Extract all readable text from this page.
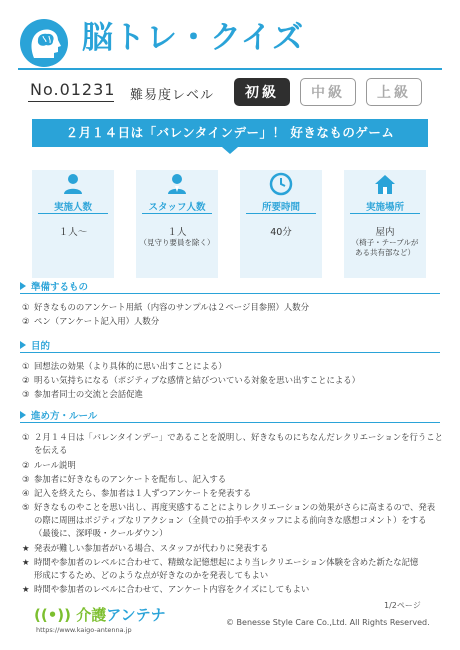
脳トレ・クイズ
No.01231 難易度レベル	初級	中級	上級
２月１４日は「バレンタインデー」！ 好きなものゲーム
実施人数
１人～
スタッフ人数
１人
（見守り要員を除く）
所要時間
40分
実施場所
屋内
（椅子・テーブルが
ある共有部など）
準備するもの
① 好きなもののアンケート用紙（内容のサンプルは２ページ目参照）人数分
② ペン（アンケート記入用）人数分
目的
① 回想法の効果（より具体的に思い出すことによる）
② 明るい気持ちになる（ポジティブな感情と結びついている対象を思い出すことによる）
③ 参加者同士の交流と会話促進
進め方・ルール
① ２月１４日は「バレンタインデー」であることを説明し、好きなものにちなんだレクリエーションを行うこと
を伝える
② ルール説明
③ 参加者に好きなものアンケートを配布し、記入する
④ 記入を終えたら、参加者は１人ずつアンケートを発表する
⑤ 好きなものやことを思い出し、再度実感することによりレクリエーションの効果がさらに高まるので、発表
の際に周囲はポジティブなリアクション（全員での拍手やスタッフによる前向きな感想コメント）をする
（最後に、深呼吸・クールダウン）
★ 発表が難しい参加者がいる場合、スタッフが代わりに発表する
★ 時間や参加者のレベルに合わせて、精緻な記憶想起により当レクリエーション体験を含めた新たな記憶
形成にするため、どのような点が好きなのかを発表してもよい
★ 時間や参加者のレベルに合わせて、アンケート内容をクイズにしてもよい
1/2ページ
((•)) 介護アンテナ
https://www.kaigo-antenna.jp
© Benesse Style Care Co.,Ltd. All Rights Reserved.
